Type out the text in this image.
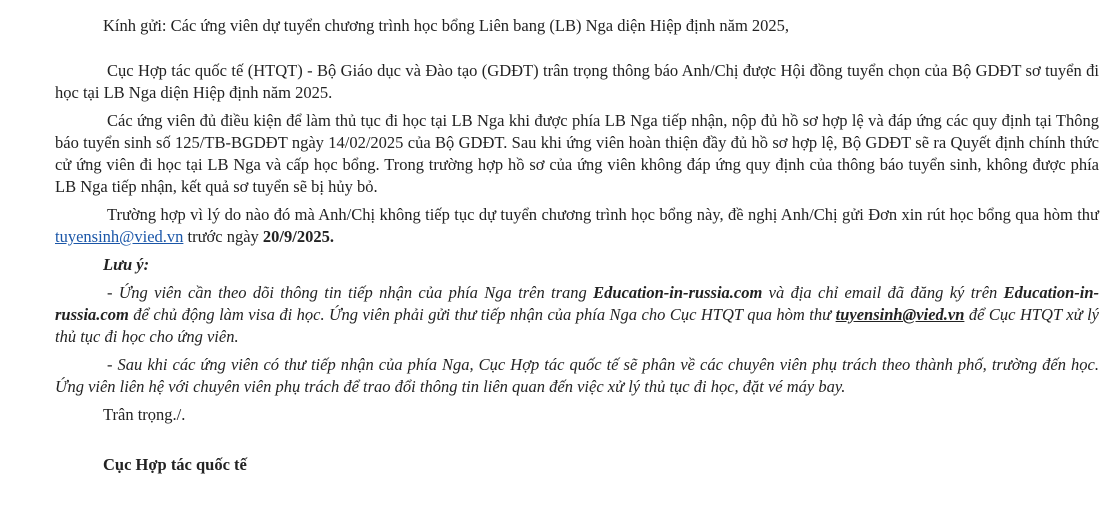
Kính gửi: Các ứng viên dự tuyển chương trình học bổng Liên bang (LB) Nga diện Hiệp định năm 2025,

Cục Hợp tác quốc tế (HTQT) - Bộ Giáo dục và Đào tạo (GDĐT) trân trọng thông báo Anh/Chị được Hội đồng tuyển chọn của Bộ GDĐT sơ tuyển đi học tại LB Nga diện Hiệp định năm 2025.

Các ứng viên đủ điều kiện để làm thủ tục đi học tại LB Nga khi được phía LB Nga tiếp nhận, nộp đủ hồ sơ hợp lệ và đáp ứng các quy định tại Thông báo tuyển sinh số 125/TB-BGDĐT ngày 14/02/2025 của Bộ GDĐT. Sau khi ứng viên hoàn thiện đầy đủ hồ sơ hợp lệ, Bộ GDĐT sẽ ra Quyết định chính thức cử ứng viên đi học tại LB Nga và cấp học bổng. Trong trường hợp hồ sơ của ứng viên không đáp ứng quy định của thông báo tuyển sinh, không được phía LB Nga tiếp nhận, kết quả sơ tuyển sẽ bị hủy bỏ.

Trường hợp vì lý do nào đó mà Anh/Chị không tiếp tục dự tuyển chương trình học bổng này, đề nghị Anh/Chị gửi Đơn xin rút học bổng qua hòm thư tuyensinh@vied.vn trước ngày 20/9/2025.

Lưu ý:

- Ứng viên cần theo dõi thông tin tiếp nhận của phía Nga trên trang Education-in-russia.com và địa chỉ email đã đăng ký trên Education-in-russia.com để chủ động làm visa đi học. Ứng viên phải gửi thư tiếp nhận của phía Nga cho Cục HTQT qua hòm thư tuyensinh@vied.vn để Cục HTQT xử lý thủ tục đi học cho ứng viên.

- Sau khi các ứng viên có thư tiếp nhận của phía Nga, Cục Hợp tác quốc tế sẽ phân về các chuyên viên phụ trách theo thành phố, trường đến học. Ứng viên liên hệ với chuyên viên phụ trách để trao đổi thông tin liên quan đến việc xử lý thủ tục đi học, đặt vé máy bay.

Trân trọng./.

Cục Hợp tác quốc tế
